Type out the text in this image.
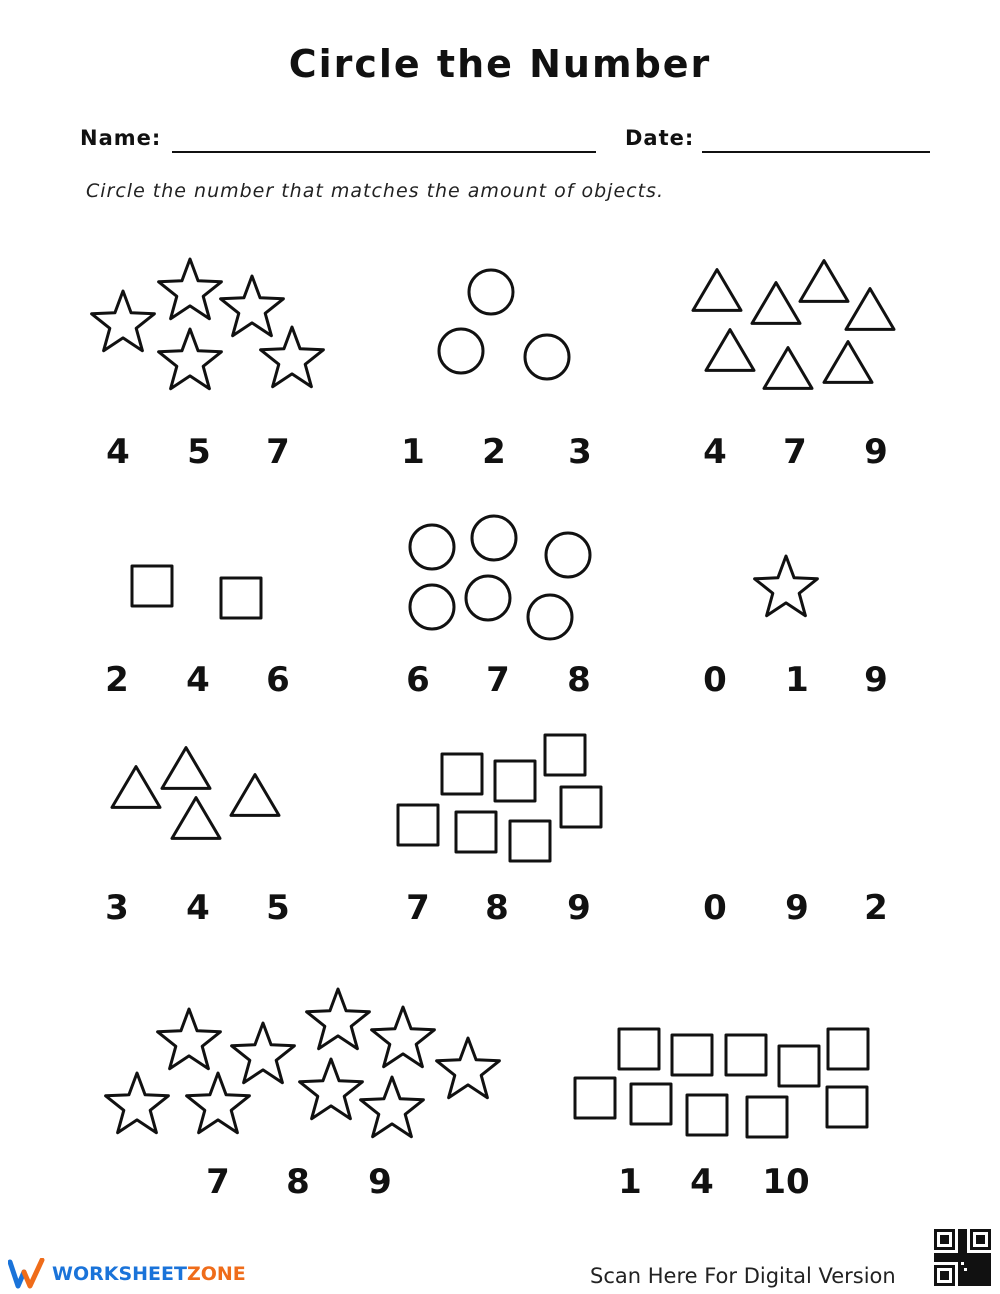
Circle the Number
Name:	Date:
Circle the number that matches the amount of objects.
4	5	7	1	2	3	4	7	9
2	4	6	6	7	8	0	1	9
3	4	5	7	8	9	0	9	2
7	8	9	1	4	10
WORKSHEETZONE	Scan Here For Digital Version
